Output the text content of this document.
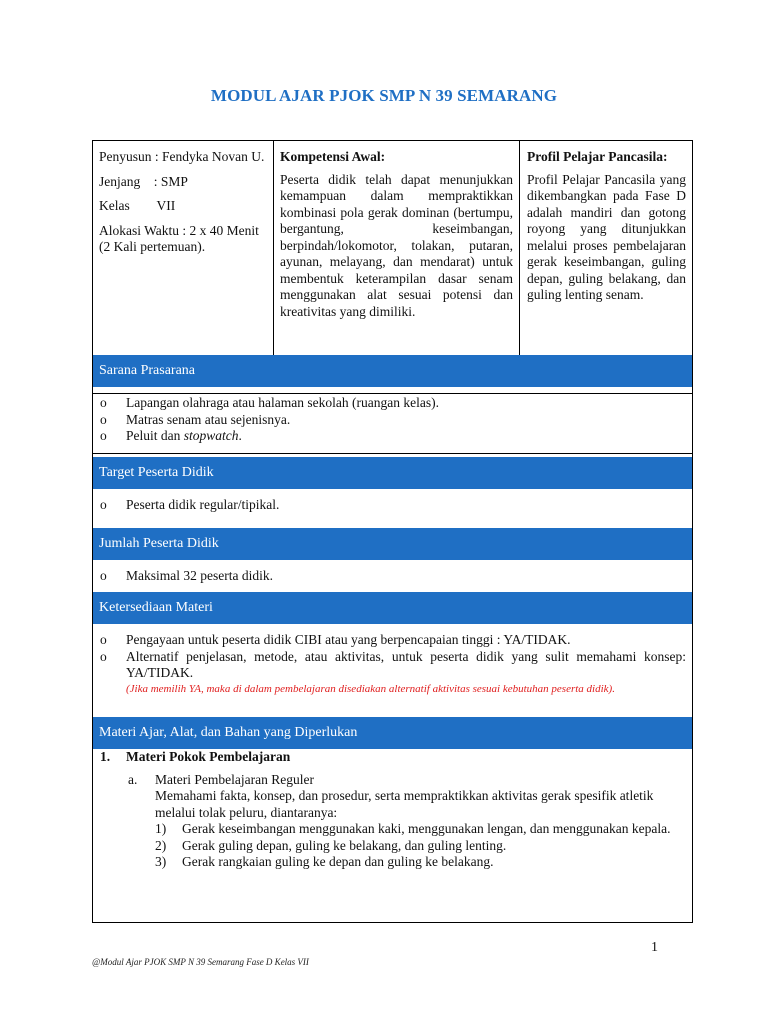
MODUL AJAR PJOK SMP N 39 SEMARANG

Penyusun : Fendyka Novan U.

Jenjang    : SMP

Kelas        VII

Alokasi Waktu : 2 x 40 Menit (2 Kali pertemuan).

Kompetensi Awal:

Peserta didik telah dapat menunjukkan kemampuan dalam mempraktikkan kombinasi pola gerak dominan (bertumpu, bergantung, keseimbangan, berpindah/lokomotor, tolakan, putaran, ayunan, melayang, dan mendarat) untuk membentuk keterampilan dasar senam menggunakan alat sesuai potensi dan kreativitas yang dimiliki.

Profil Pelajar Pancasila:

Profil Pelajar Pancasila yang dikembangkan pada Fase D adalah mandiri dan gotong royong yang ditunjukkan melalui proses pembelajaran gerak keseimbangan, guling depan, guling belakang, dan guling lenting senam.

Sarana Prasarana
o Lapangan olahraga atau halaman sekolah (ruangan kelas).
o Matras senam atau sejenisnya.
o Peluit dan stopwatch.
Target Peserta Didik
o Peserta didik regular/tipikal.
Jumlah Peserta Didik
o Maksimal 32 peserta didik.
Ketersediaan Materi
o Pengayaan untuk peserta didik CIBI atau yang berpencapaian tinggi : YA/TIDAK.
o Alternatif penjelasan, metode, atau aktivitas, untuk peserta didik yang sulit memahami konsep: YA/TIDAK.
(Jika memilih YA, maka di dalam pembelajaran disediakan alternatif aktivitas sesuai kebutuhan peserta didik).
Materi Ajar, Alat, dan Bahan yang Diperlukan
1. Materi Pokok Pembelajaran
a. Materi Pembelajaran Reguler
Memahami fakta, konsep, dan prosedur, serta mempraktikkan aktivitas gerak spesifik atletik melalui tolak peluru, diantaranya:
1) Gerak keseimbangan menggunakan kaki, menggunakan lengan, dan menggunakan kepala.
2) Gerak guling depan, guling ke belakang, dan guling lenting.
3) Gerak rangkaian guling ke depan dan guling ke belakang.
1
@Modul Ajar PJOK SMP N 39 Semarang Fase D Kelas VII
